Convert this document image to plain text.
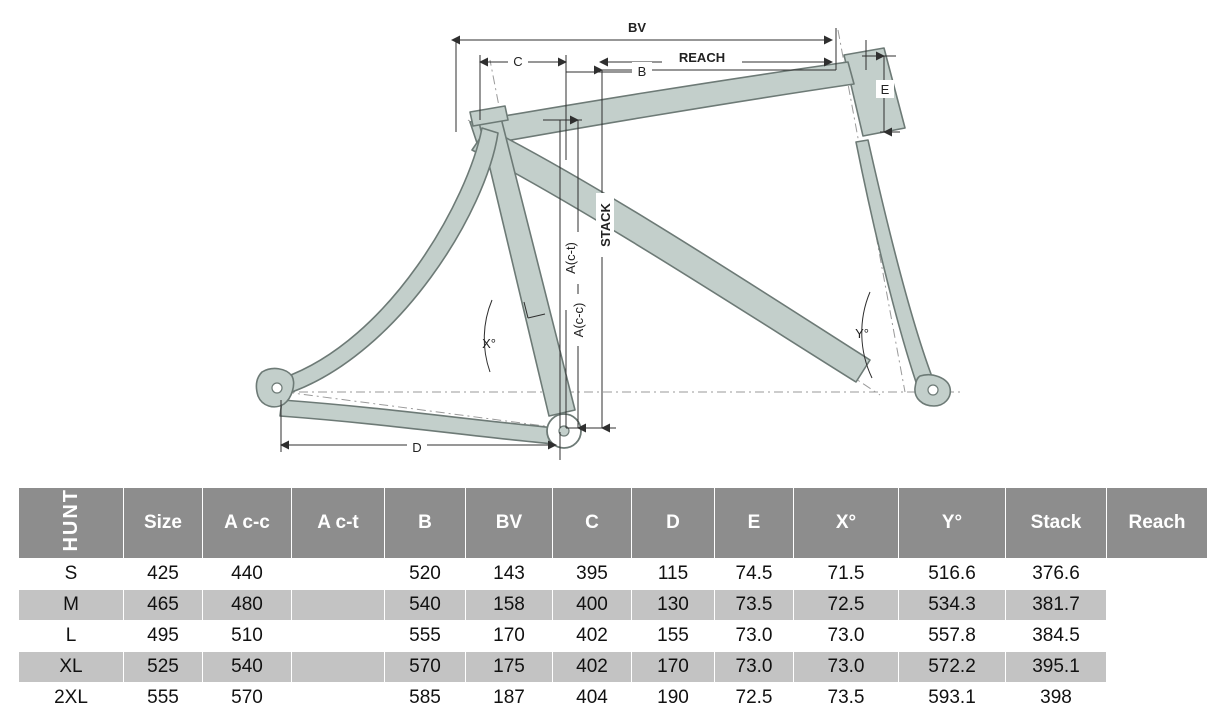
BV
REACH
C
B
STACK
A(c-t)
A(c-c)
E
D
X°
Y°
HUNT	Size	A c-c	A c-t	B	BV	C	D	E	X°	Y°	Stack	Reach
S	425	440		520	143	395	115	74.5	71.5	516.6	376.6	
M	465	480		540	158	400	130	73.5	72.5	534.3	381.7	
L	495	510		555	170	402	155	73.0	73.0	557.8	384.5	
XL	525	540		570	175	402	170	73.0	73.0	572.2	395.1	
2XL	555	570		585	187	404	190	72.5	73.5	593.1	398	
